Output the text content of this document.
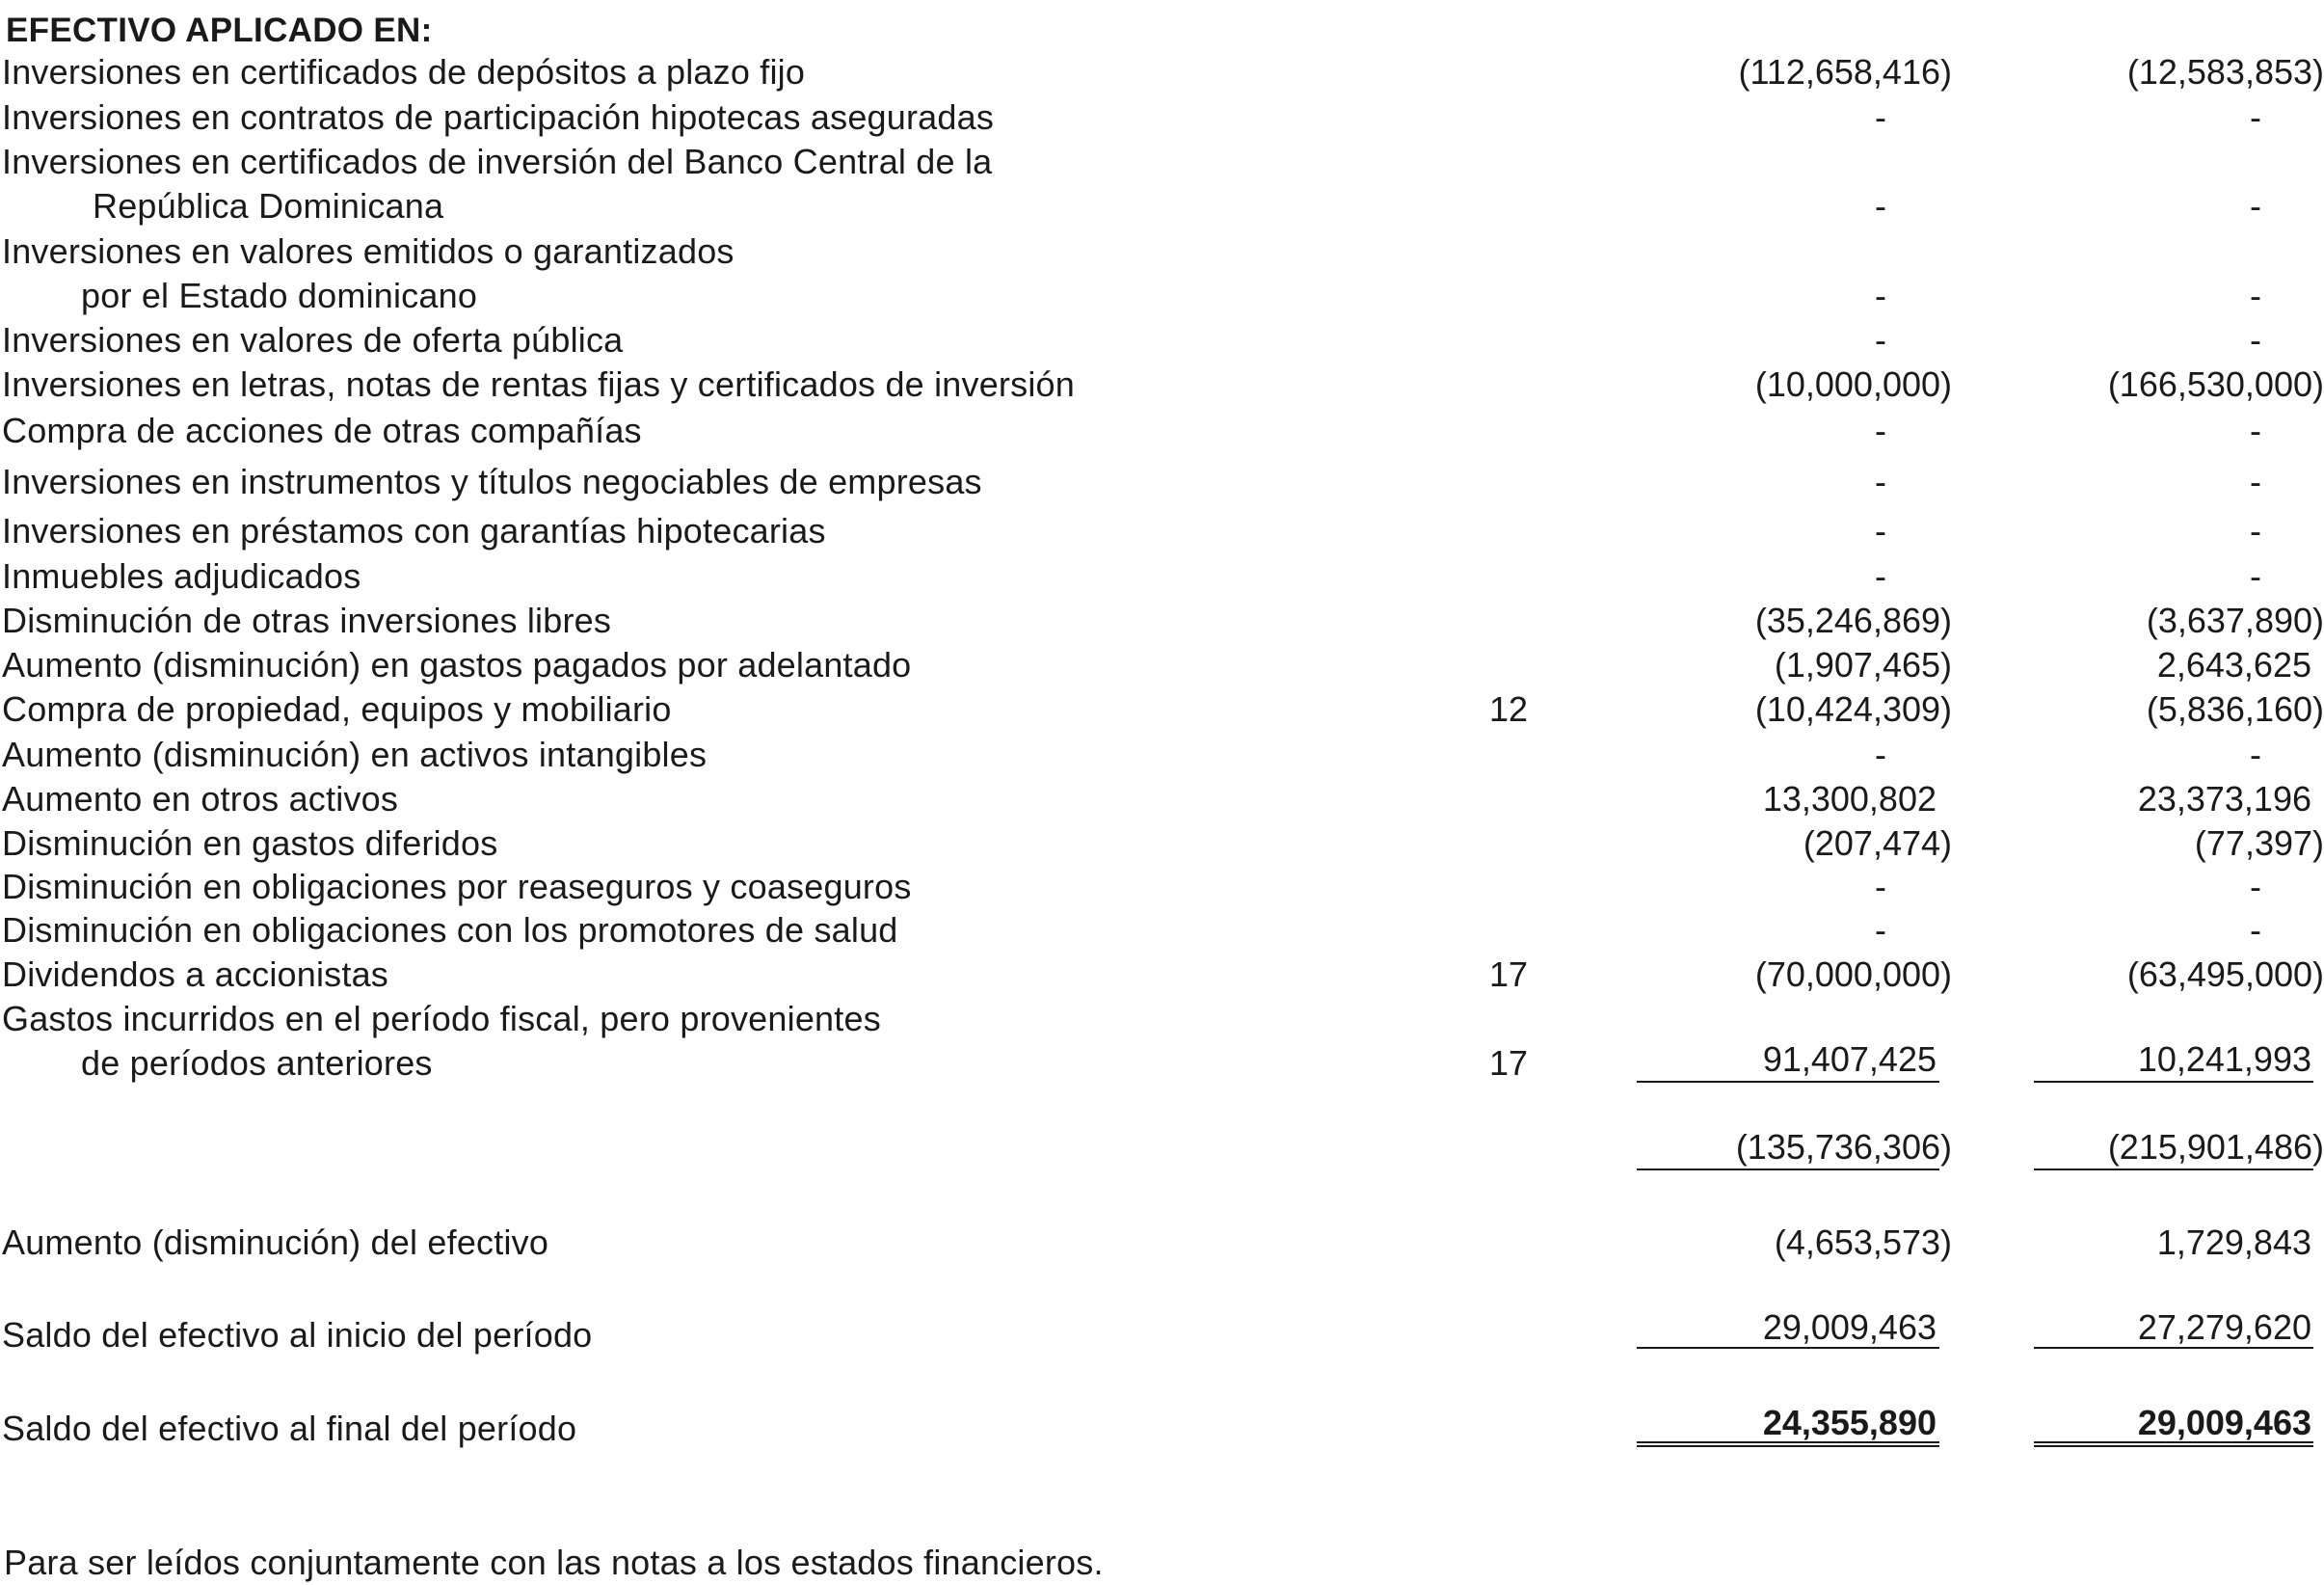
EFECTIVO APLICADO EN:
Inversiones en certificados de depósitos a plazo fijo	(112,658,416)	(12,583,853)
Inversiones en contratos de participación hipotecas aseguradas	-	-
Inversiones en certificados de inversión del Banco Central de la
República Dominicana	-	-
Inversiones en valores emitidos o garantizados
por el Estado dominicano	-	-
Inversiones en valores de oferta pública	-	-
Inversiones en letras, notas de rentas fijas y certificados de inversión	(10,000,000)	(166,530,000)
Compra de acciones de otras compañías	-	-
Inversiones en instrumentos y títulos negociables de empresas	-	-
Inversiones en préstamos con garantías hipotecarias	-	-
Inmuebles adjudicados	-	-
Disminución de otras inversiones libres	(35,246,869)	(3,637,890)
Aumento (disminución) en gastos pagados por adelantado	(1,907,465)	2,643,625
Compra de propiedad, equipos y mobiliario	12	(10,424,309)	(5,836,160)
Aumento (disminución) en activos intangibles	-	-
Aumento en otros activos	13,300,802	23,373,196
Disminución en gastos diferidos	(207,474)	(77,397)
Disminución en obligaciones por reaseguros y coaseguros	-	-
Disminución en obligaciones con los promotores de salud	-	-
Dividendos a accionistas	17	(70,000,000)	(63,495,000)
Gastos incurridos en el período fiscal, pero provenientes
de períodos anteriores	17	91,407,425	10,241,993
(135,736,306)	(215,901,486)
Aumento (disminución) del efectivo	(4,653,573)	1,729,843
Saldo del efectivo al inicio del período	29,009,463	27,279,620
Saldo del efectivo al final del período	24,355,890	29,009,463
Para ser leídos conjuntamente con las notas a los estados financieros.
